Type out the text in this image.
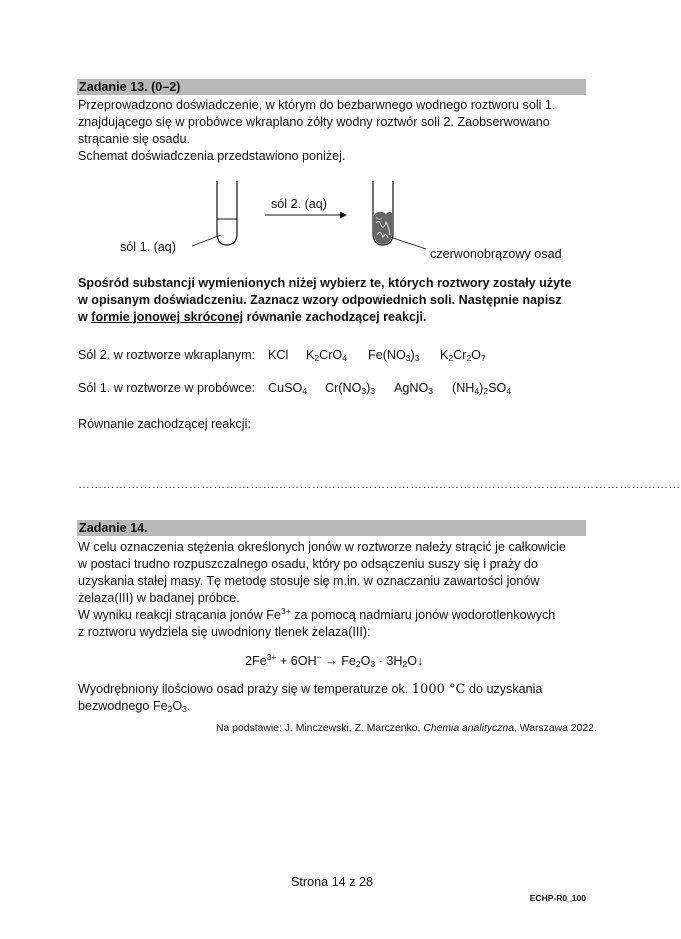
Zadanie 13. (0–2)
Przeprowadzono doświadczenie, w którym do bezbarwnego wodnego roztworu soli 1.
znajdującego się w probówce wkraplano żółty wodny roztwór soli 2. Zaobserwowano
strącanie się osadu.
Schemat doświadczenia przedstawiono poniżej.
sól 2. (aq)
sól 1. (aq)	czerwonobrązowy osad
Spośród substancji wymienionych niżej wybierz te, których roztwory zostały użyte
w opisanym doświadczeniu. Zaznacz wzory odpowiednich soli. Następnie napisz
w formie jonowej skróconej równanie zachodzącej reakcji.
Sól 2. w roztworze wkraplanym: KCl $K_2CrO_4$ $Fe(NO_3)_3$ $K_2Cr_2O_7$
Sól 1. w roztworze w probówce: CuSO$_4$ $Cr(NO_3)_3$ AgNO$_3$ $(NH_4)_2SO_4$
Równanie zachodzącej reakcji:
…………………………………………………………………………………………………………………………………
Zadanie 14.
W celu oznaczenia stężenia określonych jonów w roztworze należy strącić je całkowicie
w postaci trudno rozpuszczalnego osadu, który po odsączeniu suszy się i praży do
uzyskania stałej masy. Tę metodę stosuje się m.in. w oznaczaniu zawartości jonów
żelaza(III) w badanej próbce.
W wyniku reakcji strącania jonów $Fe^{3+}$ za pomocą nadmiaru jonów wodorotlenkowych
z roztworu wydziela się uwodniony tlenek żelaza(III):
$2Fe^{3+} + 6OH^- \to Fe_2O_3$ · $3H_2O↓$
Wyodrębniony ilościowo osad praży się w temperaturze ok. 1000 °C do uzyskania
bezwodnego $Fe_2O_3$.
Na podstawie: J. Minczewski, Z. Marczenko, Chemia analityczna, Warszawa 2022.
Strona 14 z 28
ECHP-R0_100
